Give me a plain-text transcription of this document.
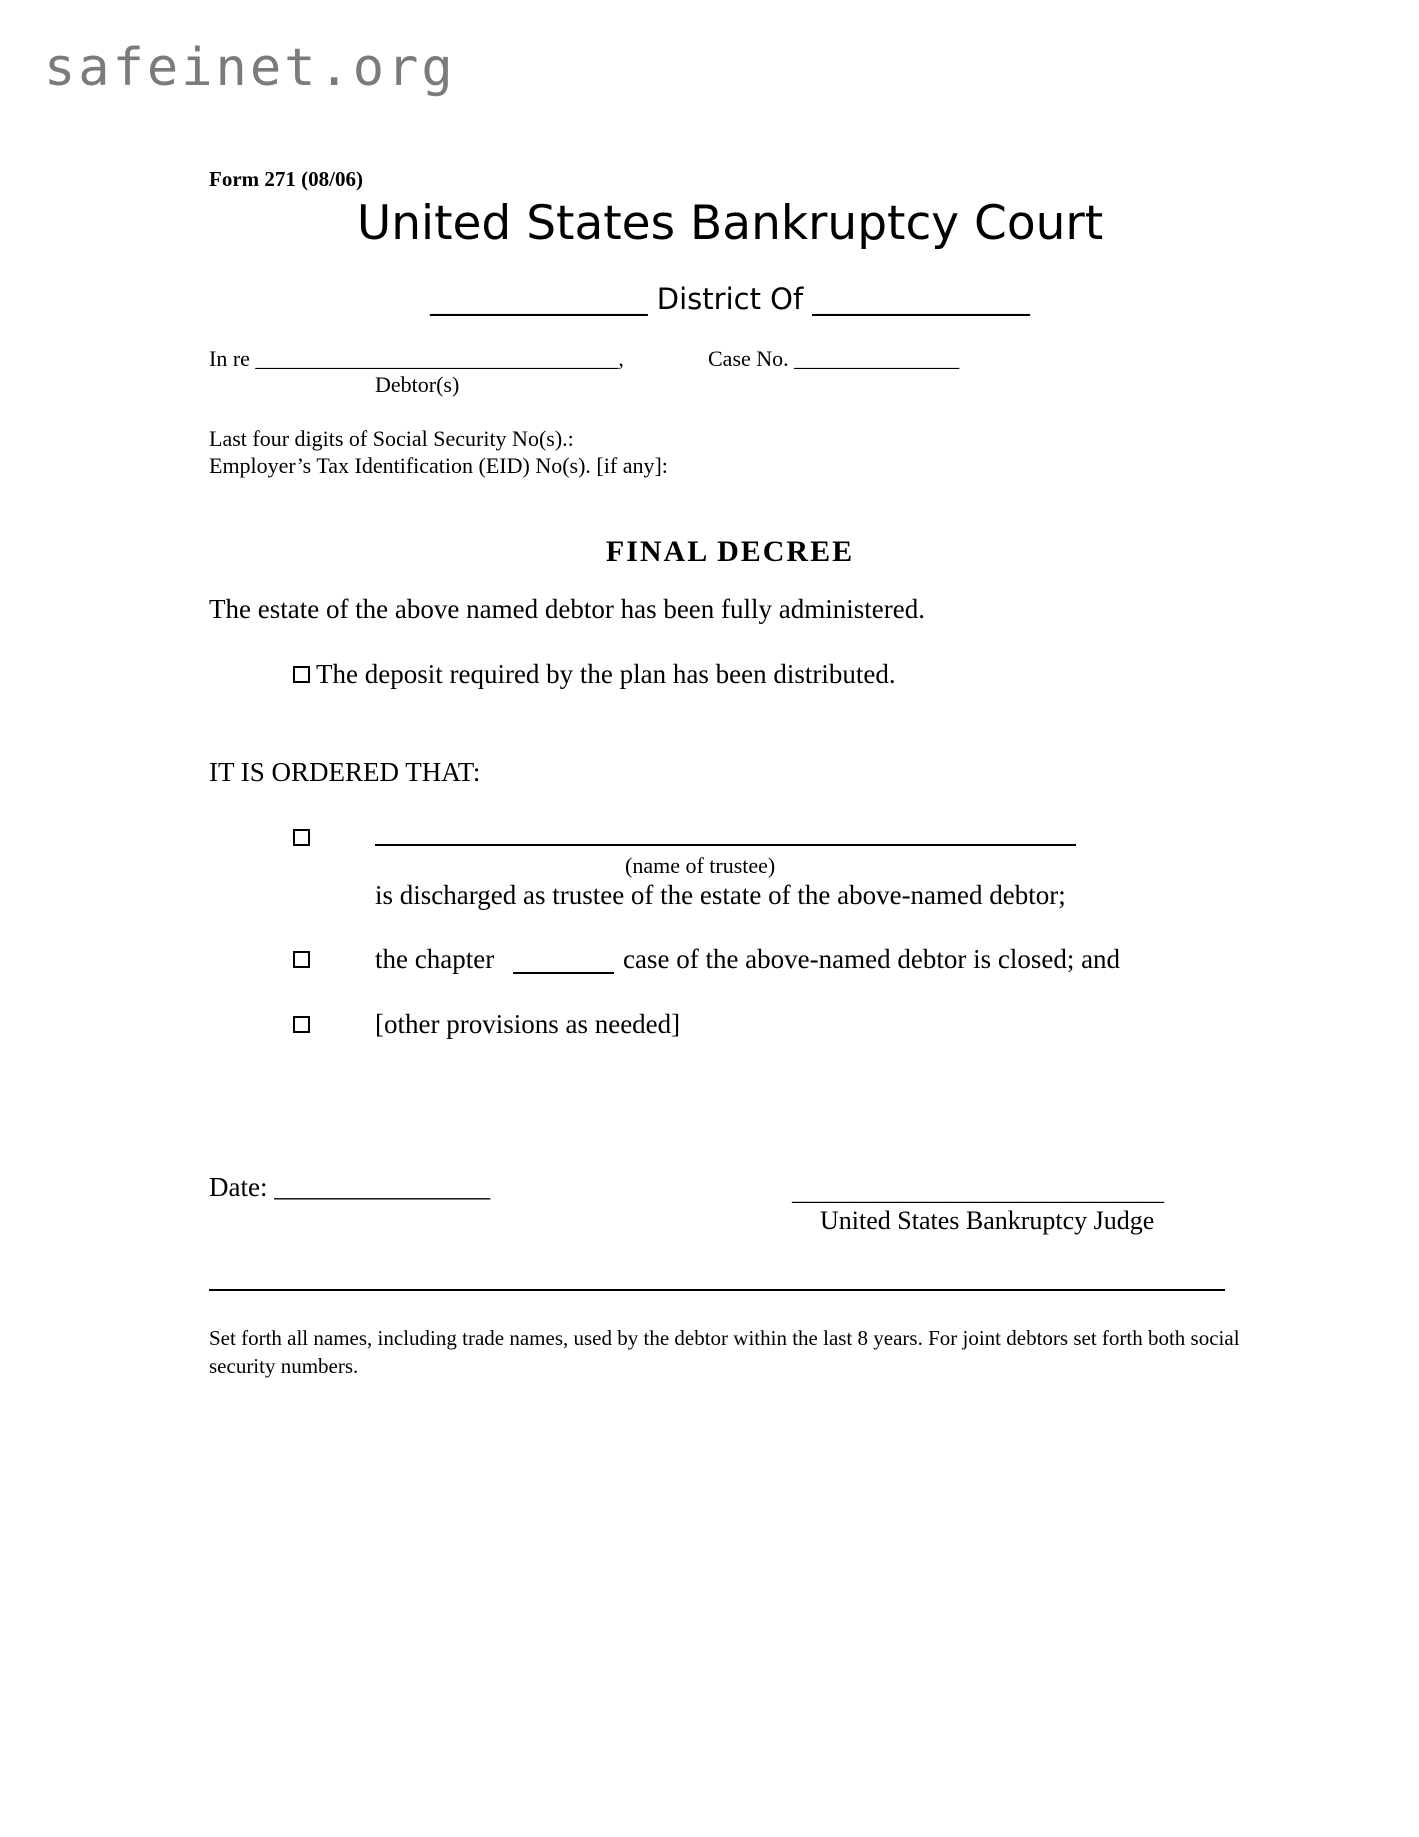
safeinet.org
Form 271 (08/06)
United States Bankruptcy Court
_______________ District Of _______________
In re _________________________________,
Debtor(s)
Case No. _______________
Last four digits of Social Security No(s).:
Employer’s Tax Identification (EID) No(s). [if any]:
FINAL DECREE
The estate of the above named debtor has been fully administered.
The deposit required by the plan has been distributed.
IT IS ORDERED THAT:
(name of trustee)
is discharged as trustee of the estate of the above-named debtor;
the chapter	case of the above-named debtor is closed; and
[other provisions as needed]
Date: ________________	_______________________________
United States Bankruptcy Judge
Set forth all names, including trade names, used by the debtor within the last 8 years. For joint debtors set forth both social security numbers.
